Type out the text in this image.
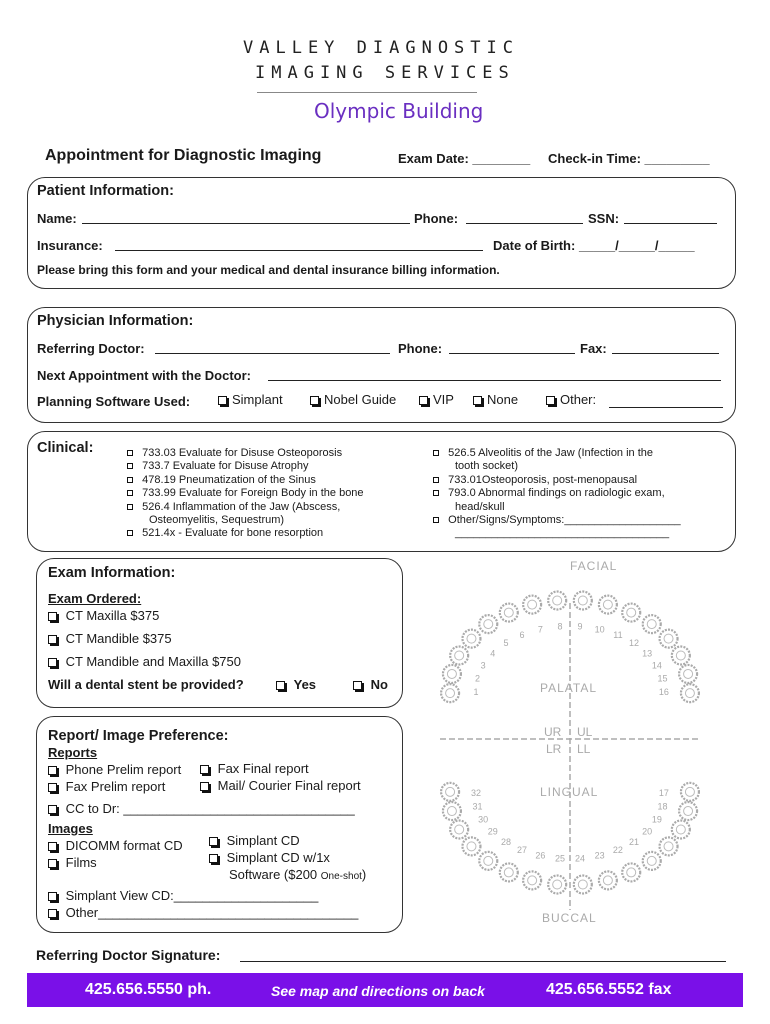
VALLEY DIAGNOSTIC
IMAGING SERVICES
Olympic Building
Appointment for Diagnostic Imaging	Exam Date: ________ Check-in Time: _________
Patient Information:
Name:	Phone:	SSN:
Insurance:	Date of Birth: _____/_____/_____
Please bring this form and your medical and dental insurance billing information.
Physician Information:
Referring Doctor:	Phone:	Fax:
Next Appointment with the Doctor:
Planning Software Used:	Simplant	Nobel Guide	VIP	None	Other:
Clinical:	733.03 Evaluate for Disuse Osteoporosis
733.7 Evaluate for Disuse Atrophy
478.19 Pneumatization of the Sinus
733.99 Evaluate for Foreign Body in the bone
526.4 Inflammation of the Jaw (Abscess,
Osteomyelitis, Sequestrum)
521.4x - Evaluate for bone resorption
526.5 Alveolitis of the Jaw (Infection in the
tooth socket)
733.01Osteoporosis, post-menopausal
793.0 Abnormal findings on radiologic exam,
head/skull
Other/Signs/Symptoms:___________________
___________________________________
Exam Information:
Exam Ordered:
CT Maxilla $375
CT Mandible $375
CT Mandible and Maxilla $750
Will a dental stent be provided?	Yes	No
Report/ Image Preference:
Reports
Phone Prelim report
Fax Prelim report
Fax Final report
Mail/ Courier Final report
CC to Dr: ________________________________
Images
DICOMM format CD
Films
Simplant CD
Simplant CD w/1x
Software ($200 One-shot)
Simplant View CD:____________________
Other____________________________________
FACIAL
PALATAL
LINGUAL
BUCCAL
UR UL
LR LL
1
2
3
4
5
6
7 8 9 10
11
12
13
14
15
16
17
18
19
20
21
22
23
24
25
26
27
28
29
30
31
32
Referring Doctor Signature:
425.656.5550 ph.	See map and directions on back	425.656.5552 fax
